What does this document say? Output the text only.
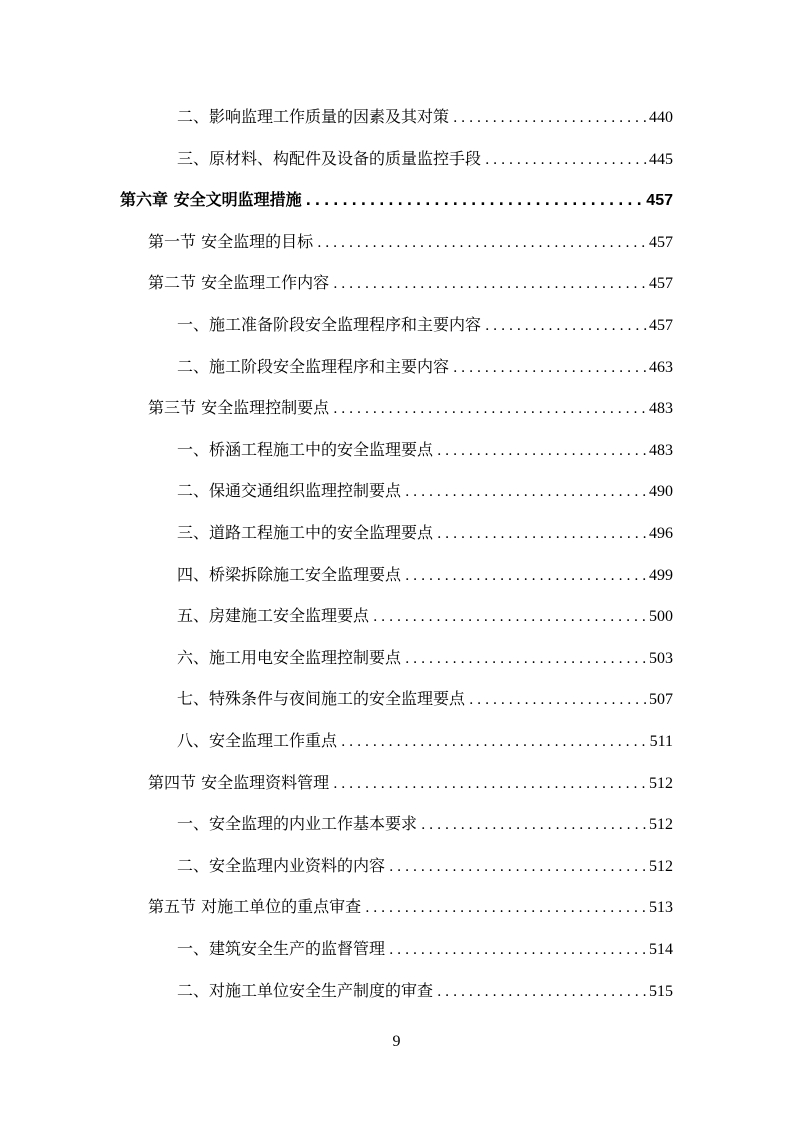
二、影响监理工作质量的因素及其对策 . . .	440
三、原材料、构配件及设备的质量监控手段 . . .	445
第六章 安全文明监理措施 . . .	457
第一节 安全监理的目标 . . .	457
第二节 安全监理工作内容 . . .	457
一、施工准备阶段安全监理程序和主要内容 . . .	457
二、施工阶段安全监理程序和主要内容 . . .	463
第三节 安全监理控制要点 . . .	483
一、桥涵工程施工中的安全监理要点 . . .	483
二、保通交通组织监理控制要点 . . .	490
三、道路工程施工中的安全监理要点 . . .	496
四、桥梁拆除施工安全监理要点 . . .	499
五、房建施工安全监理要点 . . .	500
六、施工用电安全监理控制要点 . . .	503
七、特殊条件与夜间施工的安全监理要点 . . .	507
八、安全监理工作重点 . . .	511
第四节 安全监理资料管理 . . .	512
一、安全监理的内业工作基本要求 . . .	512
二、安全监理内业资料的内容 . . .	512
第五节 对施工单位的重点审查 . . .	513
一、建筑安全生产的监督管理 . . .	514
二、对施工单位安全生产制度的审查 . . .	515
9
